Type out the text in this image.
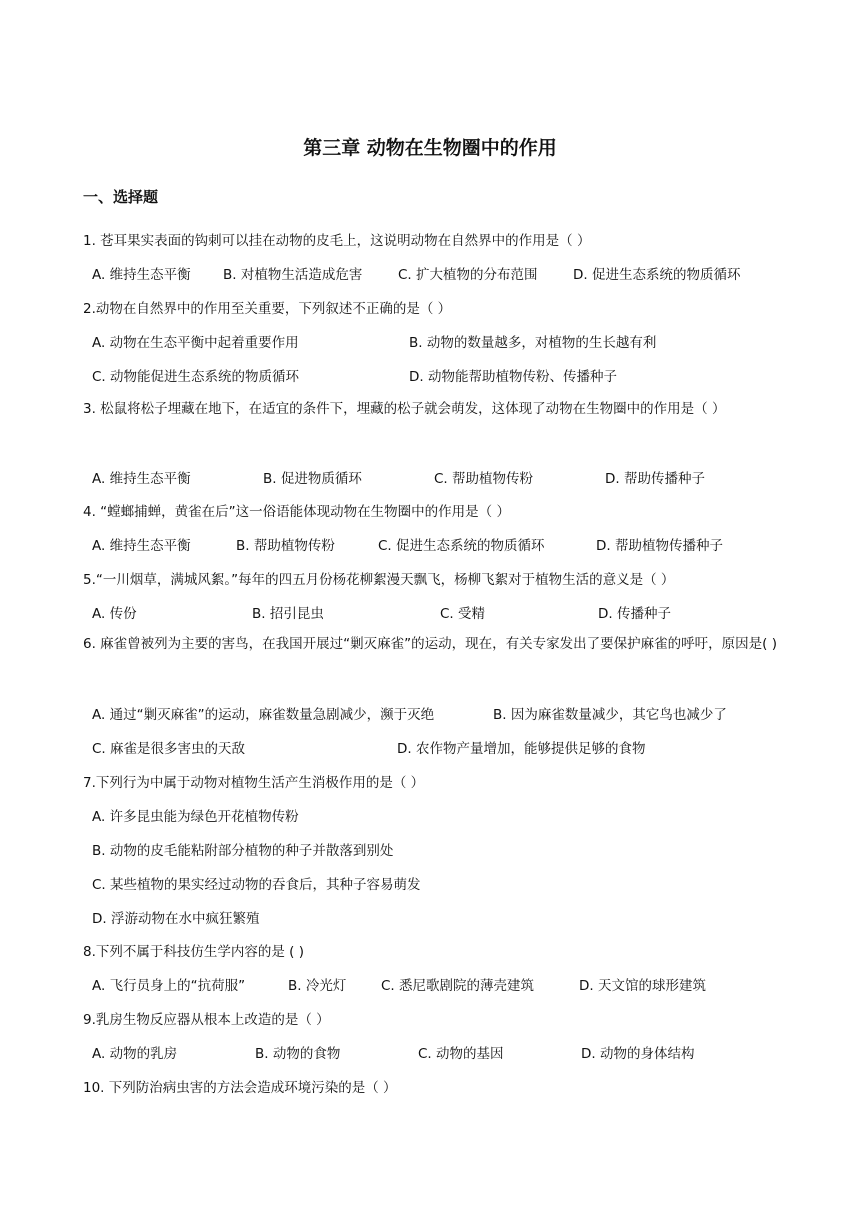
第三章 动物在生物圈中的作用
一、选择题
1. 苍耳果实表面的钩刺可以挂在动物的皮毛上，这说明动物在自然界中的作用是（ ）
A. 维持生态平衡 B. 对植物生活造成危害	C. 扩大植物的分布范围	D. 促进生态系统的物质循环
2.动物在自然界中的作用至关重要，下列叙述不正确的是（ ）
A. 动物在生态平衡中起着重要作用	B. 动物的数量越多，对植物的生长越有利
C. 动物能促进生态系统的物质循环	D. 动物能帮助植物传粉、传播种子
3. 松鼠将松子埋藏在地下，在适宜的条件下，埋藏的松子就会萌发，这体现了动物在生物圈中的作用是（ ）
A. 维持生态平衡	B. 促进物质循环	C. 帮助植物传粉	D. 帮助传播种子
4. “螳螂捕蝉，黄雀在后”这一俗语能体现动物在生物圈中的作用是（ ）
A. 维持生态平衡	B. 帮助植物传粉	C. 促进生态系统的物质循环	D. 帮助植物传播种子
5.“一川烟草，满城风絮。”每年的四五月份杨花柳絮漫天飘飞，杨柳飞絮对于植物生活的意义是（ ）
A. 传份	B. 招引昆虫	C. 受精	D. 传播种子
6. 麻雀曾被列为主要的害鸟，在我国开展过“剿灭麻雀”的运动，现在，有关专家发出了要保护麻雀的呼吁，原因是( )
A. 通过“剿灭麻雀”的运动，麻雀数量急剧减少，濒于灭绝	B. 因为麻雀数量减少，其它鸟也减少了
C. 麻雀是很多害虫的天敌	D. 农作物产量增加，能够提供足够的食物
7.下列行为中属于动物对植物生活产生消极作用的是（ ）
A. 许多昆虫能为绿色开花植物传粉
B. 动物的皮毛能粘附部分植物的种子并散落到别处
C. 某些植物的果实经过动物的吞食后，其种子容易萌发
D. 浮游动物在水中疯狂繁殖
8.下列不属于科技仿生学内容的是 ( )
A. 飞行员身上的“抗荷服”	B. 冷光灯	C. 悉尼歌剧院的薄壳建筑	D. 天文馆的球形建筑
9.乳房生物反应器从根本上改造的是（ ）
A. 动物的乳房	B. 动物的食物	C. 动物的基因	D. 动物的身体结构
10. 下列防治病虫害的方法会造成环境污染的是（ ）
